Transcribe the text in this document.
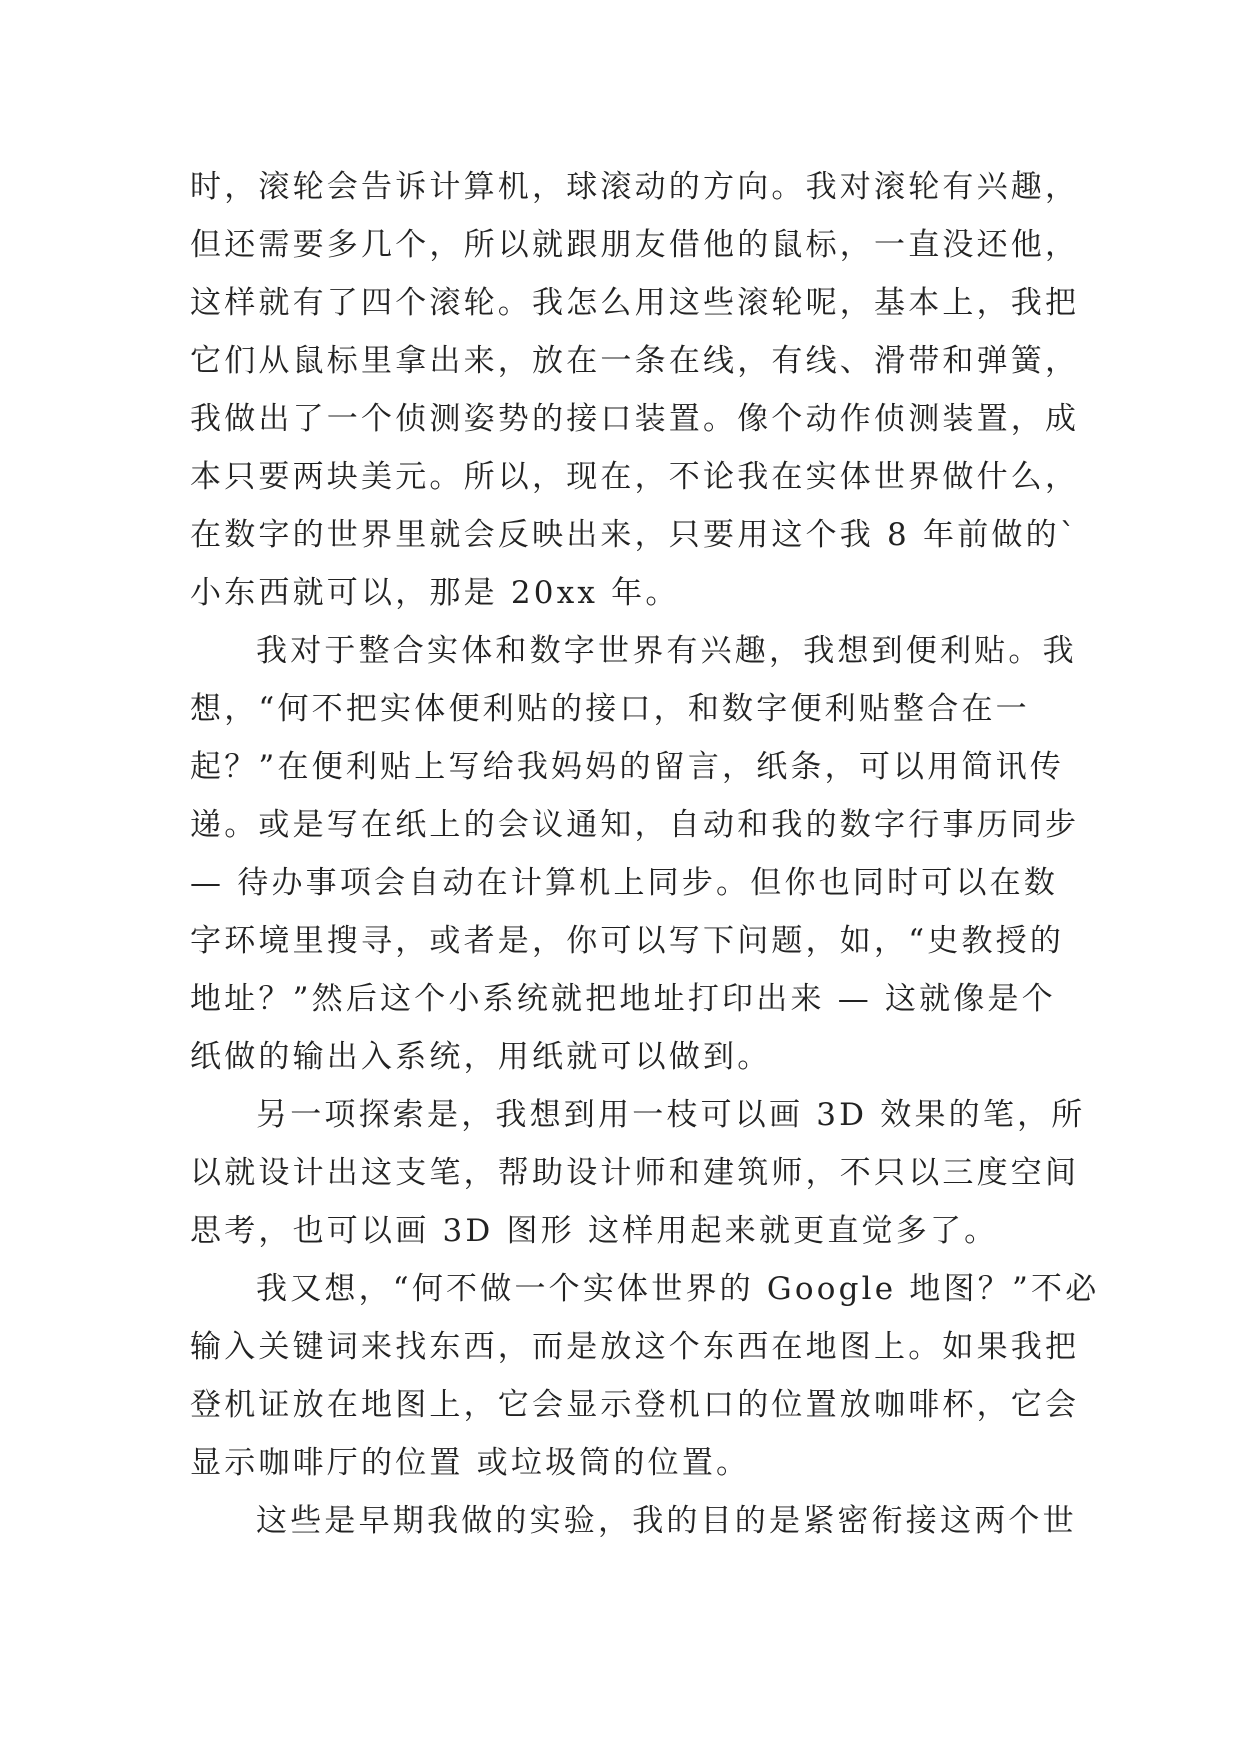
时，滚轮会告诉计算机，球滚动的方向。我对滚轮有兴趣，
但还需要多几个，所以就跟朋友借他的鼠标，一直没还他，
这样就有了四个滚轮。我怎么用这些滚轮呢，基本上，我把
它们从鼠标里拿出来，放在一条在线，有线、滑带和弹簧，
我做出了一个侦测姿势的接口装置。像个动作侦测装置，成
本只要两块美元。所以，现在，不论我在实体世界做什么，
在数字的世界里就会反映出来，只要用这个我 8 年前做的`
小东西就可以，那是 20xx 年。
我对于整合实体和数字世界有兴趣，我想到便利贴。我
想，“何不把实体便利贴的接口，和数字便利贴整合在一
起？”在便利贴上写给我妈妈的留言，纸条，可以用简讯传
递。或是写在纸上的会议通知，自动和我的数字行事历同步
— 待办事项会自动在计算机上同步。但你也同时可以在数
字环境里搜寻，或者是，你可以写下问题，如，“史教授的
地址？”然后这个小系统就把地址打印出来 — 这就像是个
纸做的输出入系统，用纸就可以做到。
另一项探索是，我想到用一枝可以画 3D 效果的笔，所
以就设计出这支笔，帮助设计师和建筑师，不只以三度空间
思考，也可以画 3D 图形 这样用起来就更直觉多了。
我又想，“何不做一个实体世界的 Google 地图？”不必
输入关键词来找东西，而是放这个东西在地图上。如果我把
登机证放在地图上，它会显示登机口的位置放咖啡杯，它会
显示咖啡厅的位置 或垃圾筒的位置。
这些是早期我做的实验，我的目的是紧密衔接这两个世
